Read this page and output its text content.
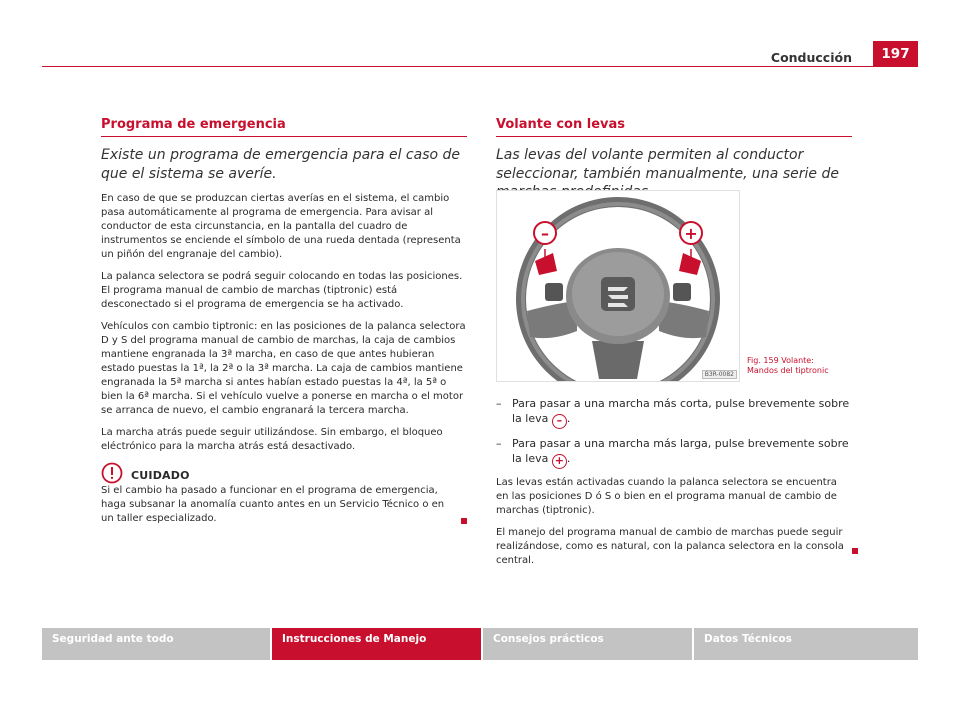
Conducción	197
Programa de emergencia
Existe un programa de emergencia para el caso de que el sistema se averíe.

En caso de que se produzcan ciertas averías en el sistema, el cambio pasa automáticamente al programa de emergencia. Para avisar al conductor de esta circunstancia, en la pantalla del cuadro de instrumentos se enciende el símbolo de una rueda dentada (representa un piñón del engranaje del cambio).

La palanca selectora se podrá seguir colocando en todas las posiciones. El programa manual de cambio de marchas (tiptronic) está desconectado si el programa de emergencia se ha activado.

Vehículos con cambio tiptronic: en las posiciones de la palanca selectora D y S del programa manual de cambio de marchas, la caja de cambios mantiene engranada la 3ª marcha, en caso de que antes hubieran estado puestas la 1ª, la 2ª o la 3ª marcha. La caja de cambios mantiene engranada la 5ª marcha si antes habían estado puestas la 4ª, la 5ª o bien la 6ª marcha. Si el vehículo vuelve a ponerse en marcha o el motor se arranca de nuevo, el cambio engranará la tercera marcha.

La marcha atrás puede seguir utilizándose. Sin embargo, el bloqueo eléctrónico para la marcha atrás está desactivado.

CUIDADO
Si el cambio ha pasado a funcionar en el programa de emergencia, haga subsanar la anomalía cuanto antes en un Servicio Técnico o en un taller especializado.
Volante con levas
Las levas del volante permiten al conductor seleccionar, también manualmente, una serie de
–	+
B3R-0082
Fig. 159 Volante: Mandos del tiptronic
– Para pasar a una marcha más corta, pulse brevemente sobre la leva – .
– Para pasar a una marcha más larga, pulse brevemente sobre la leva + .

Las levas están activadas cuando la palanca selectora se encuentra en las posiciones D ó S o bien en el programa manual de cambio de marchas (tiptronic).

El manejo del programa manual de cambio de marchas puede seguir realizándose, como es natural, con la palanca selectora en la consola central.

Seguridad ante todo	Instrucciones de Manejo	Consejos prácticos	Datos Técnicos
